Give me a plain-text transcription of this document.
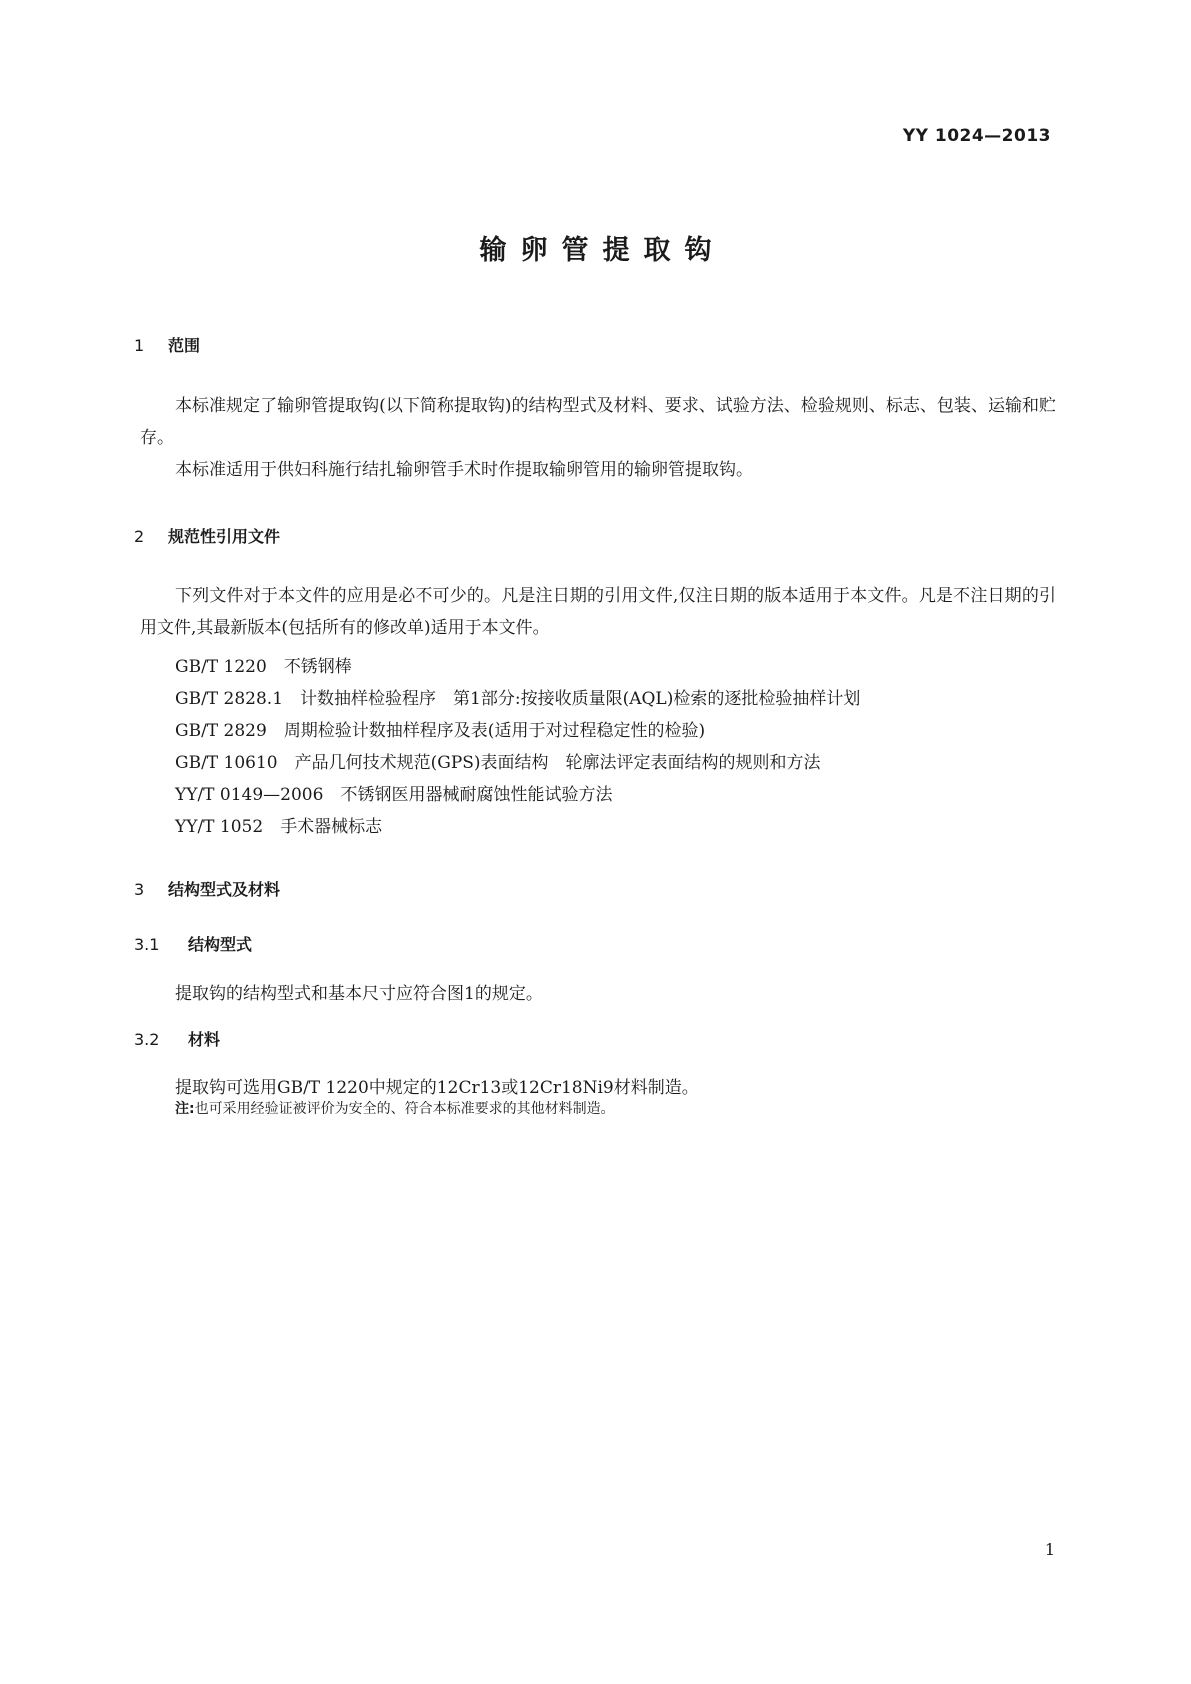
YY 1024—2013
输卵管提取钩
1 范围
本标准规定了输卵管提取钩(以下简称提取钩)的结构型式及材料、要求、试验方法、检验规则、标志、包装、运输和贮存。
本标准适用于供妇科施行结扎输卵管手术时作提取输卵管用的输卵管提取钩。
2 规范性引用文件
下列文件对于本文件的应用是必不可少的。凡是注日期的引用文件,仅注日期的版本适用于本文件。凡是不注日期的引用文件,其最新版本(包括所有的修改单)适用于本文件。
GB/T 1220　 不锈钢棒
GB/T 2828.1　 计数抽样检验程序　第1部分:按接收质量限(AQL)检索的逐批检验抽样计划
GB/T 2829　 周期检验计数抽样程序及表(适用于对过程稳定性的检验)
GB/T 10610　 产品几何技术规范(GPS)表面结构　轮廓法评定表面结构的规则和方法
YY/T 0149—2006　 不锈钢医用器械耐腐蚀性能试验方法
YY/T 1052　 手术器械标志
3 结构型式及材料
3.1 结构型式
提取钩的结构型式和基本尺寸应符合图1的规定。
3.2 材料
提取钩可选用GB/T 1220中规定的12Cr13或12Cr18Ni9材料制造。
注:也可采用经验证被评价为安全的、符合本标准要求的其他材料制造。
1
